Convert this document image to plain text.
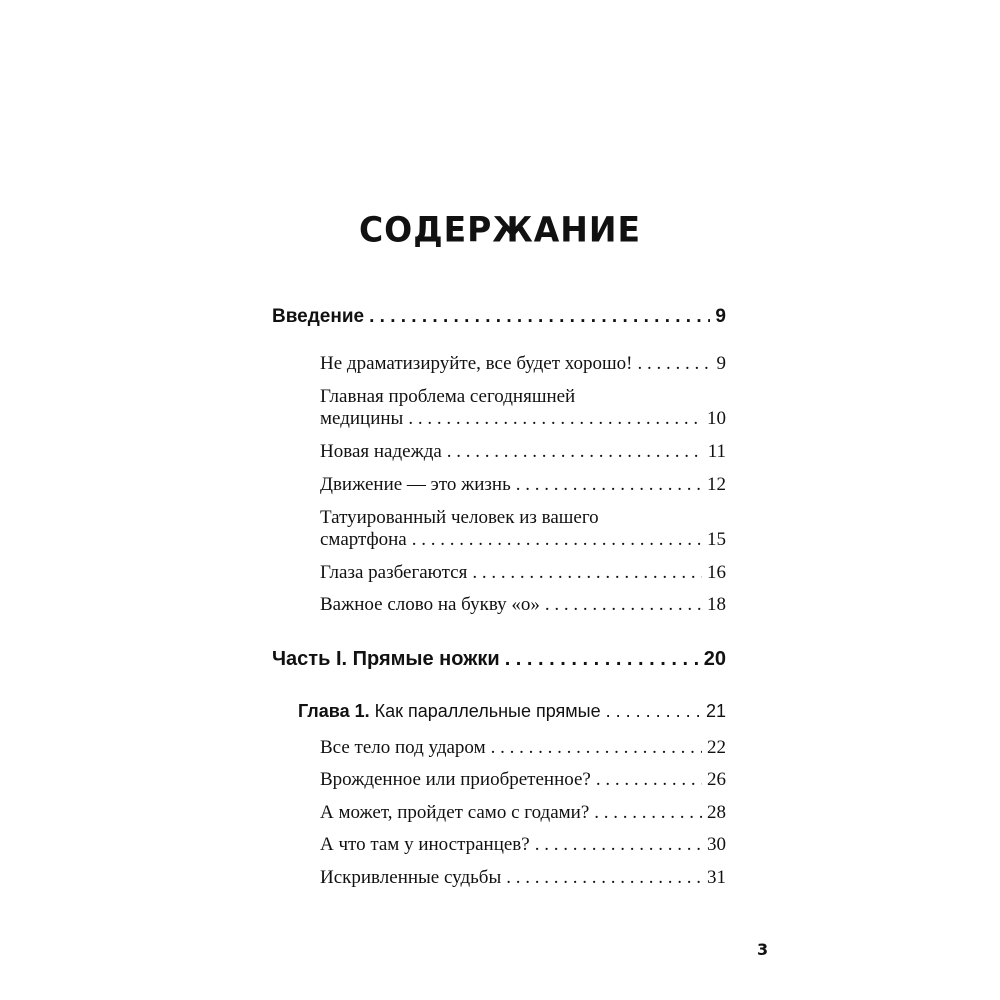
СОДЕРЖАНИЕ
Введение . . .	9
Не драматизируйте, все будет хорошо! . . .	9
Главная проблема сегодняшней
медицины . . .	10
Новая надежда . . .	11
Движение — это жизнь . . .	12
Татуированный человек из вашего
смартфона . . .	15
Глаза разбегаются . . .	16
Важное слово на букву «о» . . .	18
Часть I. Прямые ножки . . .	20
Глава 1. Как параллельные прямые . . .	21
Все тело под ударом . . .	22
Врожденное или приобретенное? . . .	26
А может, пройдет само с годами? . . .	28
А что там у иностранцев? . . .	30
Искривленные судьбы . . .	31
3
